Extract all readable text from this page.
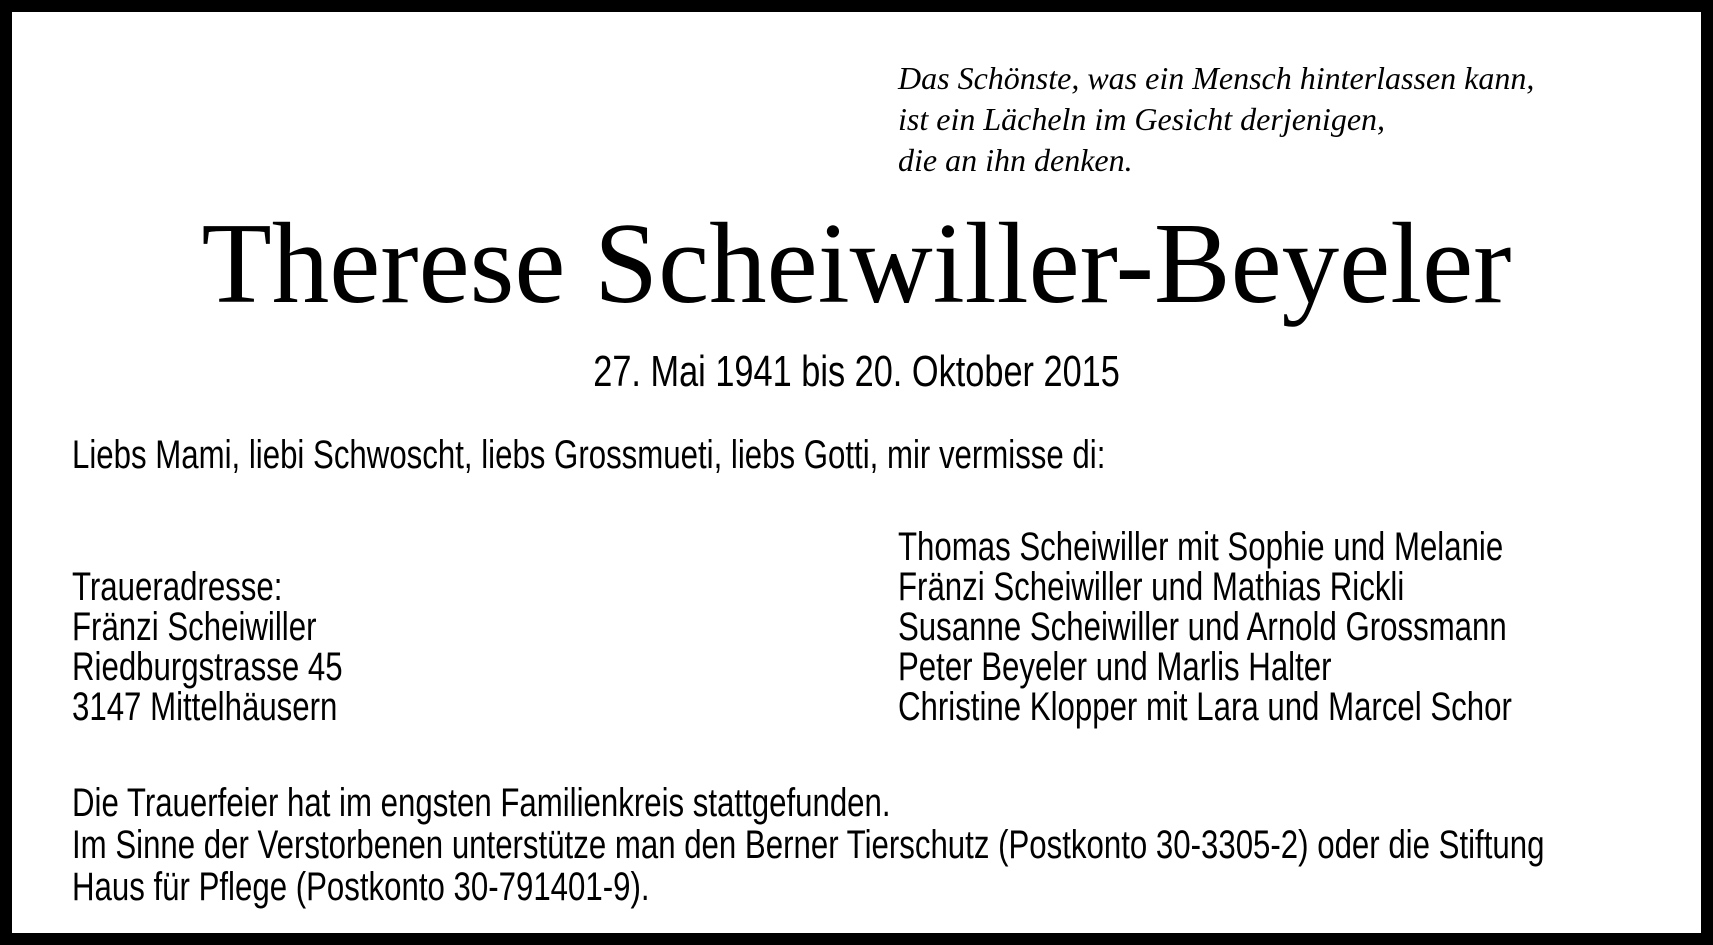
Das Schönste, was ein Mensch hinterlassen kann,
ist ein Lächeln im Gesicht derjenigen,
die an ihn denken.
Therese Scheiwiller-Beyeler
27. Mai 1941 bis 20. Oktober 2015
Liebs Mami, liebi Schwoscht, liebs Grossmueti, liebs Gotti, mir vermisse di:
Traueradresse:
Fränzi Scheiwiller
Riedburgstrasse 45
3147 Mittelhäusern
Thomas Scheiwiller mit Sophie und Melanie
Fränzi Scheiwiller und Mathias Rickli
Susanne Scheiwiller und Arnold Grossmann
Peter Beyeler und Marlis Halter
Christine Klopper mit Lara und Marcel Schor
Die Trauerfeier hat im engsten Familienkreis stattgefunden.
Im Sinne der Verstorbenen unterstütze man den Berner Tierschutz (Postkonto 30-3305-2) oder die Stiftung
Haus für Pflege (Postkonto 30-791401-9).
